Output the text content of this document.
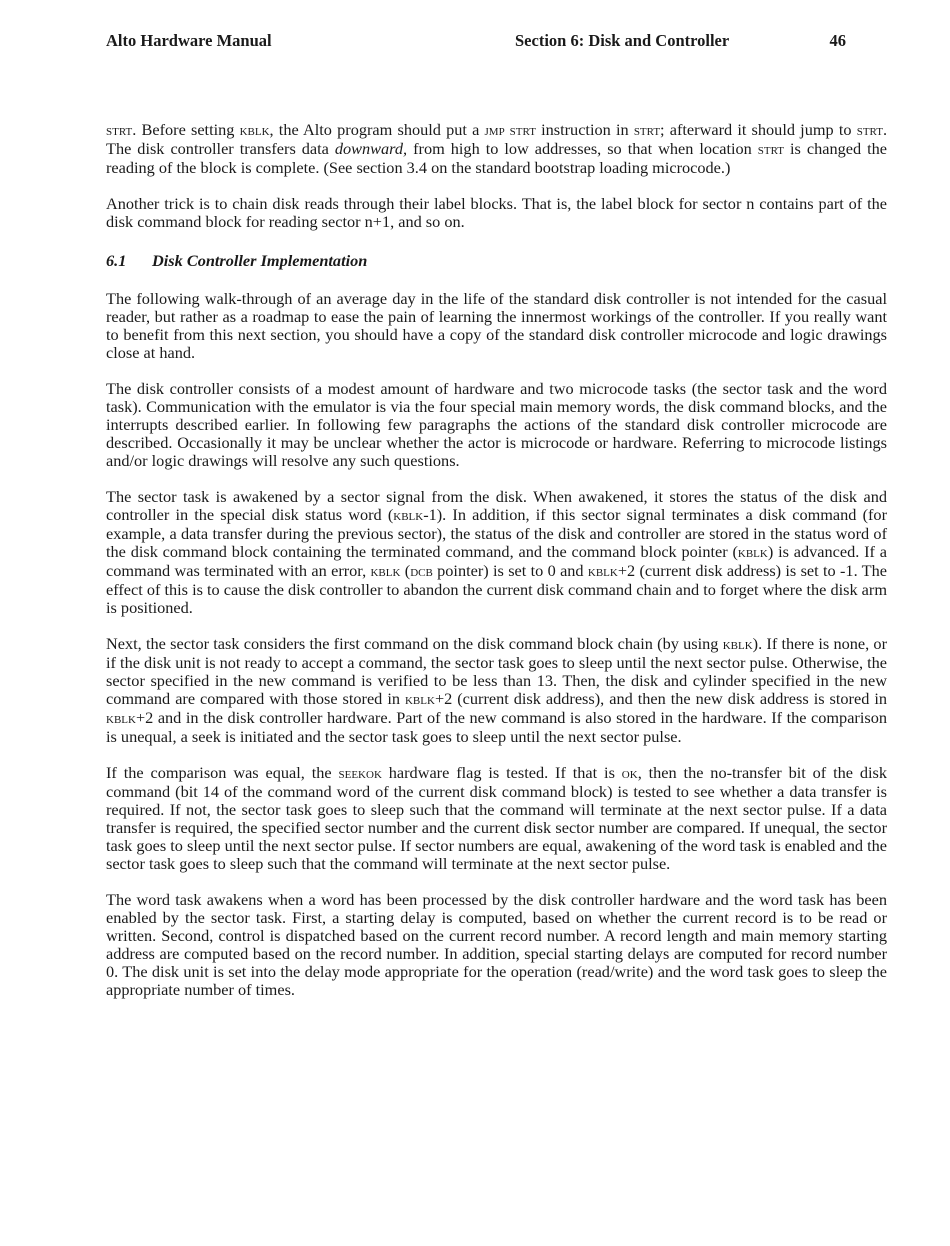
Alto Hardware Manual	Section 6: Disk and Controller	46

strt. Before setting kblk, the Alto program should put a jmp strt instruction in strt; afterward it should jump to strt. The disk controller transfers data downward, from high to low addresses, so that when location strt is changed the reading of the block is complete. (See section 3.4 on the standard bootstrap loading microcode.)

Another trick is to chain disk reads through their label blocks. That is, the label block for sector n contains part of the disk command block for reading sector n+1, and so on.

6.1 Disk Controller Implementation

The following walk-through of an average day in the life of the standard disk controller is not intended for the casual reader, but rather as a roadmap to ease the pain of learning the innermost workings of the controller. If you really want to benefit from this next section, you should have a copy of the standard disk controller microcode and logic drawings close at hand.

The disk controller consists of a modest amount of hardware and two microcode tasks (the sector task and the word task). Communication with the emulator is via the four special main memory words, the disk command blocks, and the interrupts described earlier. In following few paragraphs the actions of the standard disk controller microcode are described. Occasionally it may be unclear whether the actor is microcode or hardware. Referring to microcode listings and/or logic drawings will resolve any such questions.

The sector task is awakened by a sector signal from the disk. When awakened, it stores the status of the disk and controller in the special disk status word (kblk-1). In addition, if this sector signal terminates a disk command (for example, a data transfer during the previous sector), the status of the disk and controller are stored in the status word of the disk command block containing the terminated command, and the command block pointer (kblk) is advanced. If a command was terminated with an error, kblk (dcb pointer) is set to 0 and kblk+2 (current disk address) is set to -1. The effect of this is to cause the disk controller to abandon the current disk command chain and to forget where the disk arm is positioned.

Next, the sector task considers the first command on the disk command block chain (by using kblk). If there is none, or if the disk unit is not ready to accept a command, the sector task goes to sleep until the next sector pulse. Otherwise, the sector specified in the new command is verified to be less than 13. Then, the disk and cylinder specified in the new command are compared with those stored in kblk+2 (current disk address), and then the new disk address is stored in kblk+2 and in the disk controller hardware. Part of the new command is also stored in the hardware. If the comparison is unequal, a seek is initiated and the sector task goes to sleep until the next sector pulse.

If the comparison was equal, the seekok hardware flag is tested. If that is ok, then the no-transfer bit of the disk command (bit 14 of the command word of the current disk command block) is tested to see whether a data transfer is required. If not, the sector task goes to sleep such that the command will terminate at the next sector pulse. If a data transfer is required, the specified sector number and the current disk sector number are compared. If unequal, the sector task goes to sleep until the next sector pulse. If sector numbers are equal, awakening of the word task is enabled and the sector task goes to sleep such that the command will terminate at the next sector pulse.

The word task awakens when a word has been processed by the disk controller hardware and the word task has been enabled by the sector task. First, a starting delay is computed, based on whether the current record is to be read or written. Second, control is dispatched based on the current record number. A record length and main memory starting address are computed based on the record number. In addition, special starting delays are computed for record number 0. The disk unit is set into the delay mode appropriate for the operation (read/write) and the word task goes to sleep the appropriate number of times.
